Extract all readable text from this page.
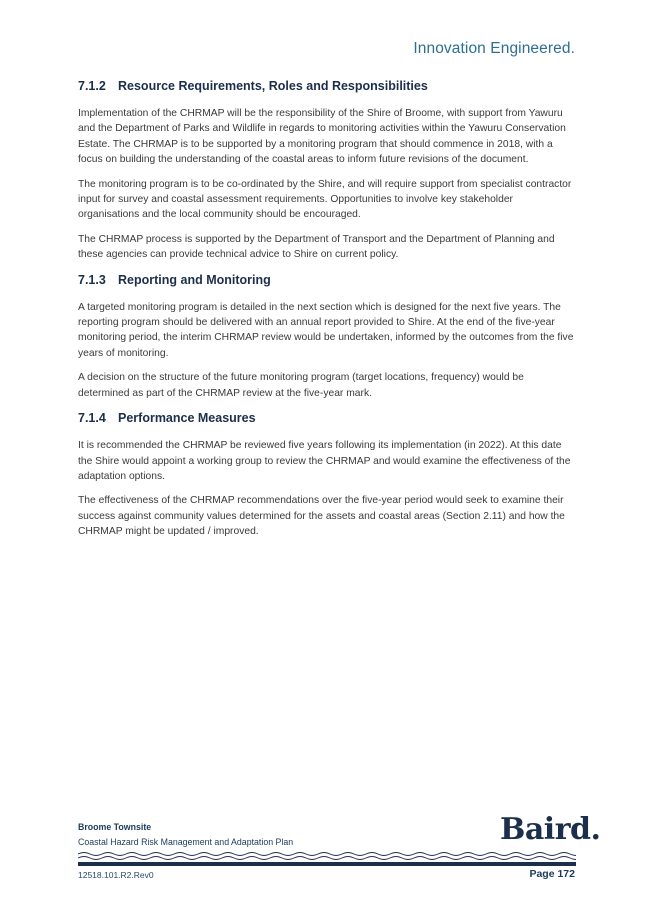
Innovation Engineered.
7.1.2 Resource Requirements, Roles and Responsibilities

Implementation of the CHRMAP will be the responsibility of the Shire of Broome, with support from Yawuru and the Department of Parks and Wildlife in regards to monitoring activities within the Yawuru Conservation Estate. The CHRMAP is to be supported by a monitoring program that should commence in 2018, with a focus on building the understanding of the coastal areas to inform future revisions of the document.

The monitoring program is to be co-ordinated by the Shire, and will require support from specialist contractor input for survey and coastal assessment requirements. Opportunities to involve key stakeholder organisations and the local community should be encouraged.

The CHRMAP process is supported by the Department of Transport and the Department of Planning and these agencies can provide technical advice to Shire on current policy.

7.1.3 Reporting and Monitoring

A targeted monitoring program is detailed in the next section which is designed for the next five years. The reporting program should be delivered with an annual report provided to Shire. At the end of the five-year monitoring period, the interim CHRMAP review would be undertaken, informed by the outcomes from the five years of monitoring.

A decision on the structure of the future monitoring program (target locations, frequency) would be determined as part of the CHRMAP review at the five-year mark.

7.1.4 Performance Measures

It is recommended the CHRMAP be reviewed five years following its implementation (in 2022). At this date the Shire would appoint a working group to review the CHRMAP and would examine the effectiveness of the adaptation options.

The effectiveness of the CHRMAP recommendations over the five-year period would seek to examine their success against community values determined for the assets and coastal areas (Section 2.11) and how the CHRMAP might be updated / improved.

Broome Townsite
Coastal Hazard Risk Management and Adaptation Plan	Baird.
12518.101.R2.Rev0	Page 172
